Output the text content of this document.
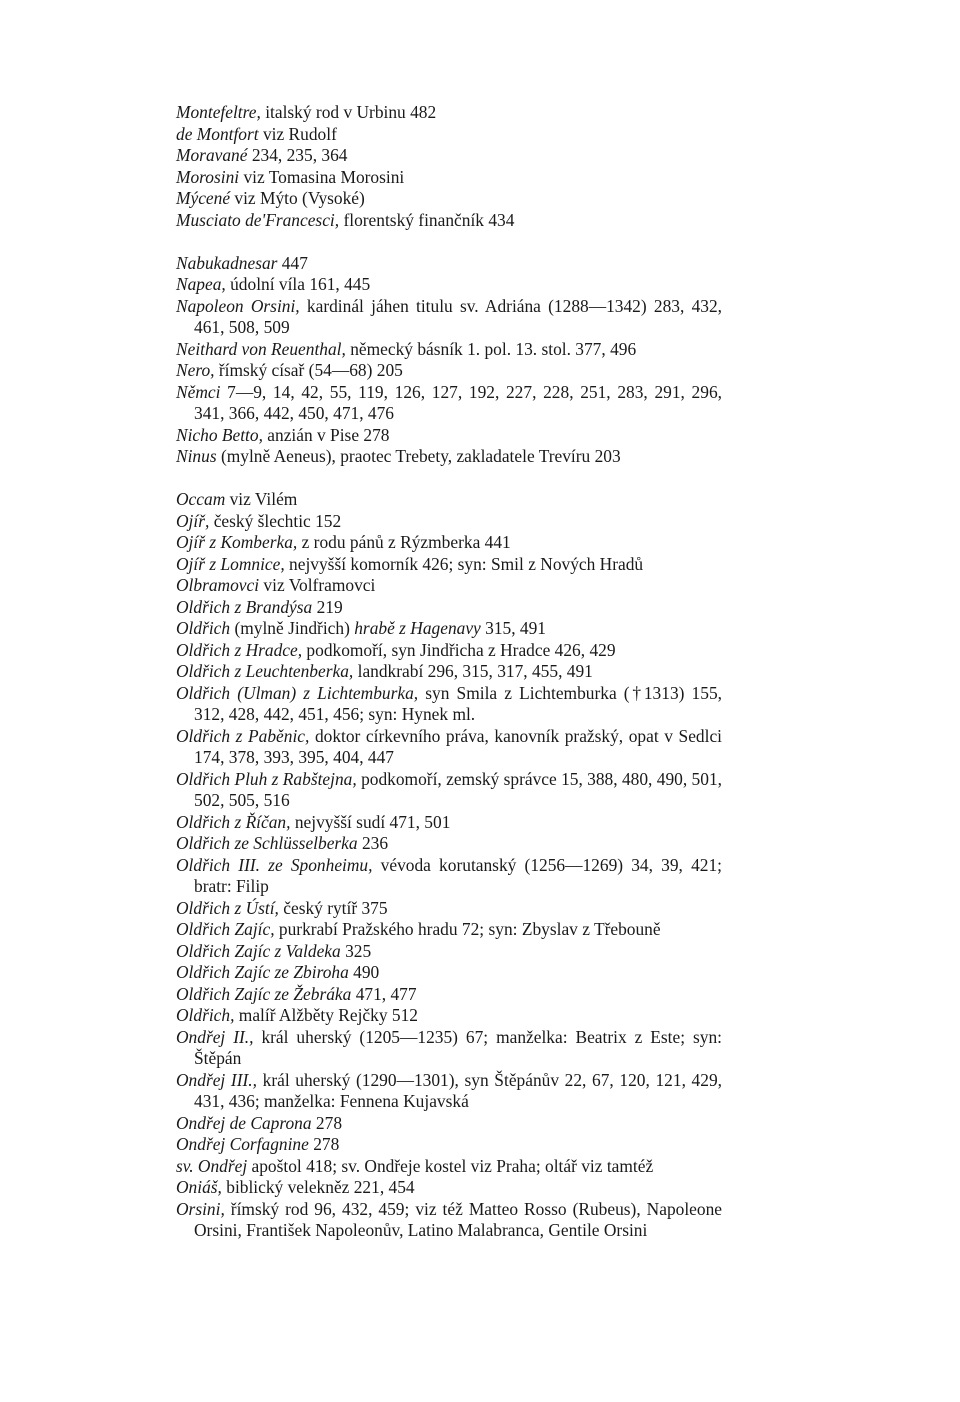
Montefeltre, italský rod v Urbinu 482

de Montfort viz Rudolf

Moravané 234, 235, 364

Morosini viz Tomasina Morosini

Mýcené viz Mýto (Vysoké)

Musciato de'Francesci, florentský finančník 434

Nabukadnesar 447

Napea, údolní víla 161, 445

Napoleon Orsini, kardinál jáhen titulu sv. Adriána (1288—1342) 283, 432, 461, 508, 509

Neithard von Reuenthal, německý básník 1. pol. 13. stol. 377, 496

Nero, římský císař (54—68) 205

Němci 7—9, 14, 42, 55, 119, 126, 127, 192, 227, 228, 251, 283, 291, 296, 341, 366, 442, 450, 471, 476

Nicho Betto, anzián v Pise 278

Ninus (mylně Aeneus), praotec Trebety, zakladatele Trevíru 203

Occam viz Vilém

Ojíř, český šlechtic 152

Ojíř z Komberka, z rodu pánů z Rýzmberka 441

Ojíř z Lomnice, nejvyšší komorník 426; syn: Smil z Nových Hradů

Olbramovci viz Volframovci

Oldřich z Brandýsa 219

Oldřich (mylně Jindřich) hrabě z Hagenavy 315, 491

Oldřich z Hradce, podkomoří, syn Jindřicha z Hradce 426, 429

Oldřich z Leuchtenberka, landkrabí 296, 315, 317, 455, 491

Oldřich (Ulman) z Lichtemburka, syn Smila z Lichtemburka (†1313) 155, 312, 428, 442, 451, 456; syn: Hynek ml.

Oldřich z Paběnic, doktor církevního práva, kanovník pražský, opat v Sedlci 174, 378, 393, 395, 404, 447

Oldřich Pluh z Rabštejna, podkomoří, zemský správce 15, 388, 480, 490, 501, 502, 505, 516

Oldřich z Říčan, nejvyšší sudí 471, 501

Oldřich ze Schlüsselberka 236

Oldřich III. ze Sponheimu, vévoda korutanský (1256—1269) 34, 39, 421; bratr: Filip

Oldřich z Ústí, český rytíř 375

Oldřich Zajíc, purkrabí Pražského hradu 72; syn: Zbyslav z Třebouně

Oldřich Zajíc z Valdeka 325

Oldřich Zajíc ze Zbiroha 490

Oldřich Zajíc ze Žebráka 471, 477

Oldřich, malíř Alžběty Rejčky 512

Ondřej II., král uherský (1205—1235) 67; manželka: Beatrix z Este; syn: Štěpán

Ondřej III., král uherský (1290—1301), syn Štěpánův 22, 67, 120, 121, 429, 431, 436; manželka: Fennena Kujavská

Ondřej de Caprona 278

Ondřej Corfagnine 278

sv. Ondřej apoštol 418; sv. Ondřeje kostel viz Praha; oltář viz tamtéž

Oniáš, biblický velekněz 221, 454

Orsini, římský rod 96, 432, 459; viz též Matteo Rosso (Rubeus), Napoleone Orsini, František Napoleonův, Latino Malabranca, Gentile Orsini
